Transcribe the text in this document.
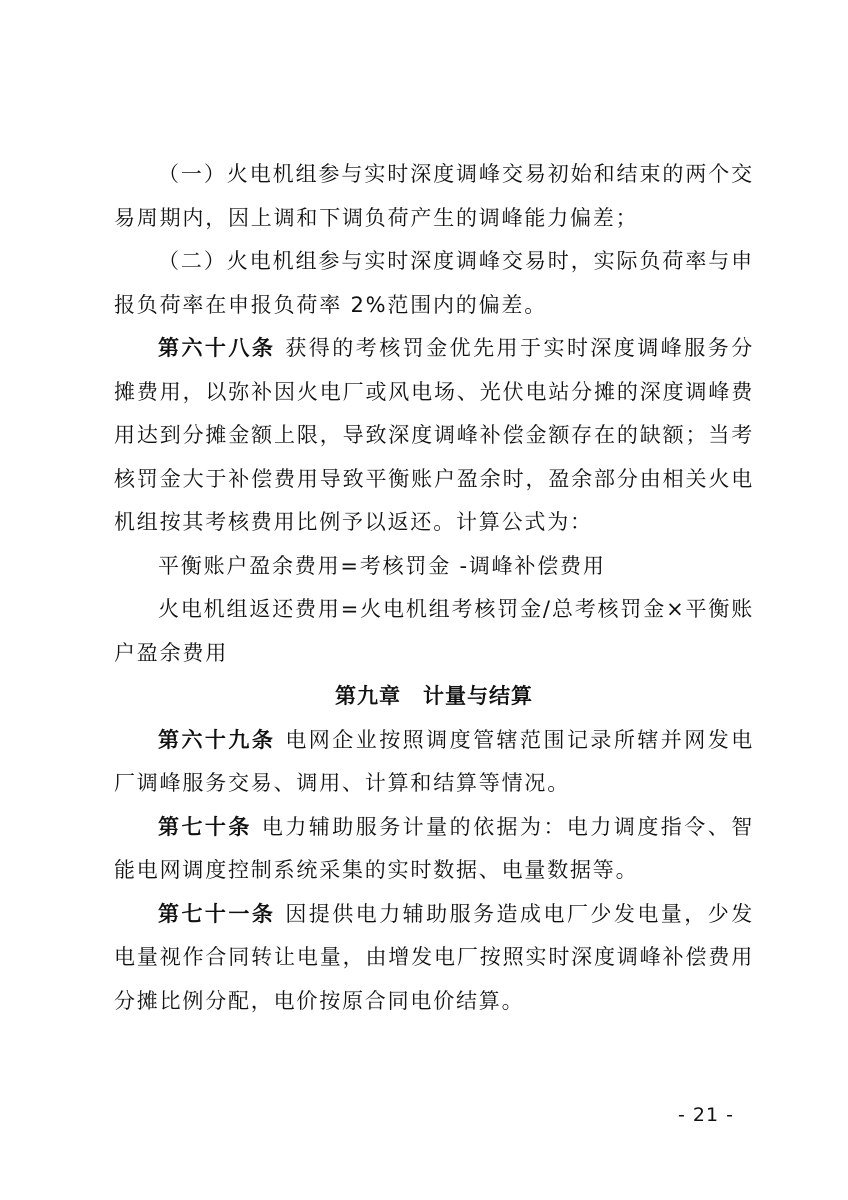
（一）火电机组参与实时深度调峰交易初始和结束的两个交易周期内，因上调和下调负荷产生的调峰能力偏差；

（二）火电机组参与实时深度调峰交易时，实际负荷率与申报负荷率在申报负荷率 2%范围内的偏差。

第六十八条 获得的考核罚金优先用于实时深度调峰服务分摊费用，以弥补因火电厂或风电场、光伏电站分摊的深度调峰费用达到分摊金额上限，导致深度调峰补偿金额存在的缺额；当考核罚金大于补偿费用导致平衡账户盈余时，盈余部分由相关火电机组按其考核费用比例予以返还。计算公式为：

平衡账户盈余费用=考核罚金 -调峰补偿费用

火电机组返还费用=火电机组考核罚金/总考核罚金×平衡账户盈余费用

第九章 计量与结算

第六十九条 电网企业按照调度管辖范围记录所辖并网发电厂调峰服务交易、调用、计算和结算等情况。

第七十条 电力辅助服务计量的依据为：电力调度指令、智能电网调度控制系统采集的实时数据、电量数据等。

第七十一条 因提供电力辅助服务造成电厂少发电量，少发电量视作合同转让电量，由增发电厂按照实时深度调峰补偿费用分摊比例分配，电价按原合同电价结算。

- 21 -
